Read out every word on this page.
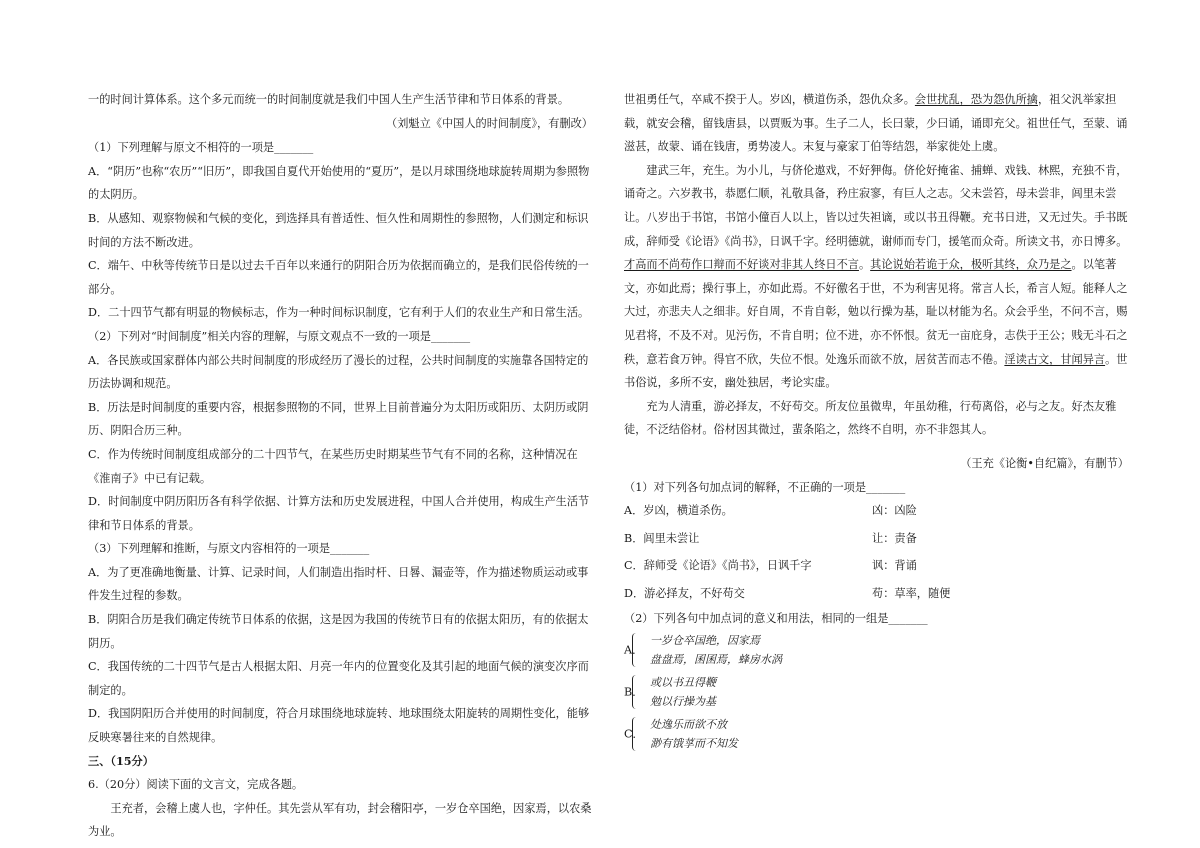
一的时间计算体系。这个多元而统一的时间制度就是我们中国人生产生活节律和节日体系的背景。

（刘魁立《中国人的时间制度》，有删改）

（1）下列理解与原文不相符的一项是_______

A．“阴历”也称“农历”“旧历”，即我国自夏代开始使用的“夏历”，是以月球围绕地球旋转周期为参照物的太阴历。

B．从感知、观察物候和气候的变化，到选择具有普适性、恒久性和周期性的参照物，人们测定和标识时间的方法不断改进。

C．端午、中秋等传统节日是以过去千百年以来通行的阴阳合历为依据而确立的，是我们民俗传统的一部分。

D．二十四节气都有明显的物候标志，作为一种时间标识制度，它有利于人们的农业生产和日常生活。

（2）下列对“时间制度”相关内容的理解，与原文观点不一致的一项是_______

A．各民族或国家群体内部公共时间制度的形成经历了漫长的过程，公共时间制度的实施靠各国特定的历法协调和规范。

B．历法是时间制度的重要内容，根据参照物的不同，世界上目前普遍分为太阳历或阳历、太阴历或阴历、阴阳合历三种。

C．作为传统时间制度组成部分的二十四节气，在某些历史时期某些节气有不同的名称，这种情况在《淮南子》中已有记载。

D．时间制度中阴历阳历各有科学依据、计算方法和历史发展进程，中国人合并使用，构成生产生活节律和节日体系的背景。

（3）下列理解和推断，与原文内容相符的一项是_______

A．为了更准确地衡量、计算、记录时间，人们制造出指时杆、日晷、漏壶等，作为描述物质运动或事件发生过程的参数。

B．阴阳合历是我们确定传统节日体系的依据，这是因为我国的传统节日有的依据太阳历，有的依据太阴历。

C．我国传统的二十四节气是古人根据太阳、月亮一年内的位置变化及其引起的地面气候的演变次序而制定的。

D．我国阴阳历合并使用的时间制度，符合月球围绕地球旋转、地球围绕太阳旋转的周期性变化，能够反映寒暑往来的自然规律。

三、（15分）

6.（20分）阅读下面的文言文，完成各题。

王充者，会稽上虞人也，字仲任。其先尝从军有功，封会稽阳亭，一岁仓卒国绝，因家焉，以农桑为业。

世祖勇任气，卒咸不揆于人。岁凶，横道伤杀，怨仇众多。会世扰乱，恐为怨仇所擒，祖父汎举家担载，就安会稽，留钱唐县，以贾贩为事。生子二人，长曰蒙，少曰诵，诵即充父。祖世任气，至蒙、诵滋甚，故蒙、诵在钱唐，勇势凌人。末复与豪家丁伯等结怨，举家徙处上虞。

建武三年，充生。为小儿，与侪伦遨戏，不好狎侮。侪伦好掩雀、捕蝉、戏钱、林熙，充独不肯，诵奇之。六岁教书，恭愿仁顺，礼敬具备，矜庄寂寥，有巨人之志。父未尝笞，母未尝非，闾里未尝让。八岁出于书馆，书馆小僮百人以上，皆以过失袒谪，或以书丑得鞭。充书日进，又无过失。手书既成，辞师受《论语》《尚书》，日讽千字。经明德就，谢师而专门，援笔而众奇。所读文书，亦日博多。才高而不尚苟作口辩而不好谈对非其人终日不言。其论说始若诡于众，极听其终，众乃是之。以笔著文，亦如此焉；操行事上，亦如此焉。不好徼名于世，不为利害见将。常言人长，希言人短。能释人之大过，亦悲夫人之细非。好自周，不肯自彰，勉以行操为基，耻以材能为名。众会乎坐，不问不言，赐见君将，不及不对。见污伤，不肯自明；位不进，亦不怀恨。贫无一亩庇身，志佚于王公；贱无斗石之秩，意若食万钟。得官不欣，失位不恨。处逸乐而欲不放，居贫苦而志不倦。淫读古文，甘闻异言。世书俗说，多所不安，幽处独居，考论实虚。

充为人清重，游必择友，不好苟交。所友位虽微卑，年虽幼稚，行苟离俗，必与之友。好杰友雅徒，不泛结俗材。俗材因其微过，蜚条陷之，然终不自明，亦不非怨其人。

（王充《论衡•自纪篇》，有删节）

（1）对下列各句加点词的解释，不正确的一项是_______

A．岁凶，横道杀伤。	凶：凶险
B．闾里未尝让	让：责备
C．辞师受《论语》《尚书》，日讽千字	讽：背诵
D．游必择友，不好苟交	苟：草率，随便

（2）下列各句中加点词的意义和用法，相同的一组是_______

A．
一岁仓卒国绝，因家焉
盘盘焉，囷囷焉，蜂房水涡
B．
或以书丑得鞭
勉以行操为基
C．
处逸乐而欲不放
渺有饿莩而不知发
